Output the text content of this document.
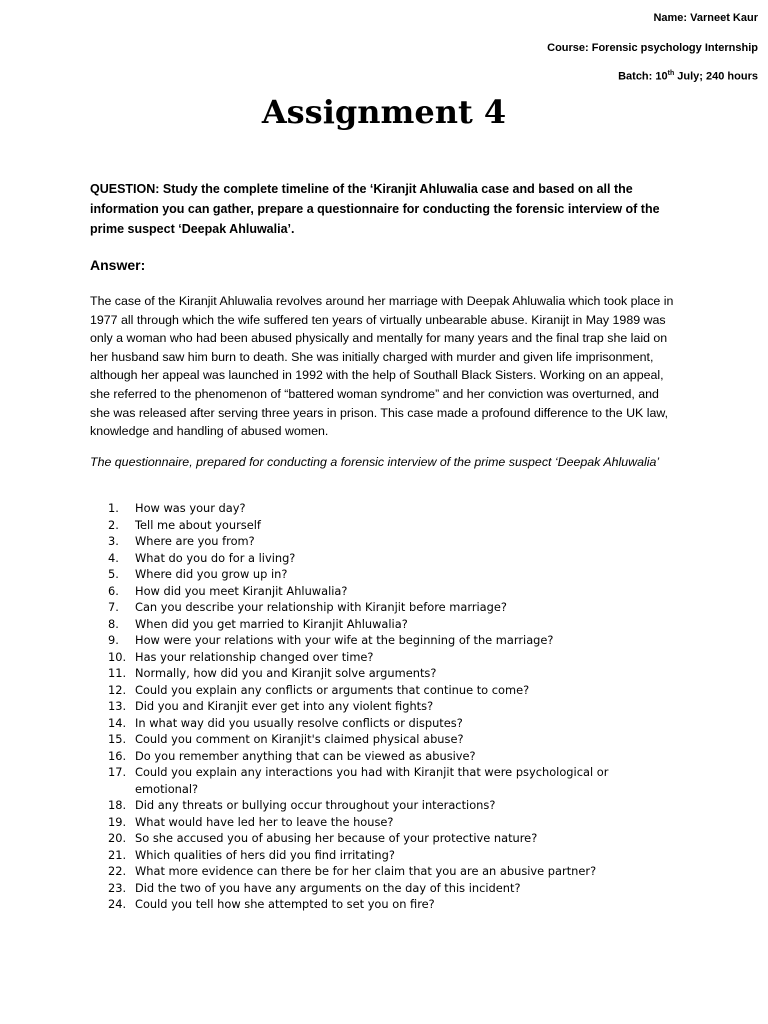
Name: Varneet Kaur
Course: Forensic psychology Internship
Batch: 10th July; 240 hours
Assignment 4

QUESTION: Study the complete timeline of the ‘Kiranjit Ahluwalia case and based on all the information you can gather, prepare a questionnaire for conducting the forensic interview of the prime suspect ‘Deepak Ahluwalia’.

Answer:

The case of the Kiranjit Ahluwalia revolves around her marriage with Deepak Ahluwalia which took place in 1977 all through which the wife suffered ten years of virtually unbearable abuse. Kiranijt in May 1989 was only a woman who had been abused physically and mentally for many years and the final trap she laid on her husband saw him burn to death. She was initially charged with murder and given life imprisonment, although her appeal was launched in 1992 with the help of Southall Black Sisters. Working on an appeal, she referred to the phenomenon of “battered woman syndrome” and her conviction was overturned, and she was released after serving three years in prison. This case made a profound difference to the UK law, knowledge and handling of abused women.

The questionnaire, prepared for conducting a forensic interview of the prime suspect ‘Deepak Ahluwalia’

1.	How was your day?
2.	Tell me about yourself
3.	Where are you from?
4.	What do you do for a living?
5.	Where did you grow up in?
6.	How did you meet Kiranjit Ahluwalia?
7.	Can you describe your relationship with Kiranjit before marriage?
8.	When did you get married to Kiranjit Ahluwalia?
9.	How were your relations with your wife at the beginning of the marriage?
10. Has your relationship changed over time?
11. Normally, how did you and Kiranjit solve arguments?
12. Could you explain any conflicts or arguments that continue to come?
13. Did you and Kiranjit ever get into any violent fights?
14. In what way did you usually resolve conflicts or disputes?
15. Could you comment on Kiranjit's claimed physical abuse?
16. Do you remember anything that can be viewed as abusive?
17. Could you explain any interactions you had with Kiranjit that were psychological or emotional?
18. Did any threats or bullying occur throughout your interactions?
19. What would have led her to leave the house?
20. So she accused you of abusing her because of your protective nature?
21. Which qualities of hers did you find irritating?
22. What more evidence can there be for her claim that you are an abusive partner?
23. Did the two of you have any arguments on the day of this incident?
24. Could you tell how she attempted to set you on fire?
